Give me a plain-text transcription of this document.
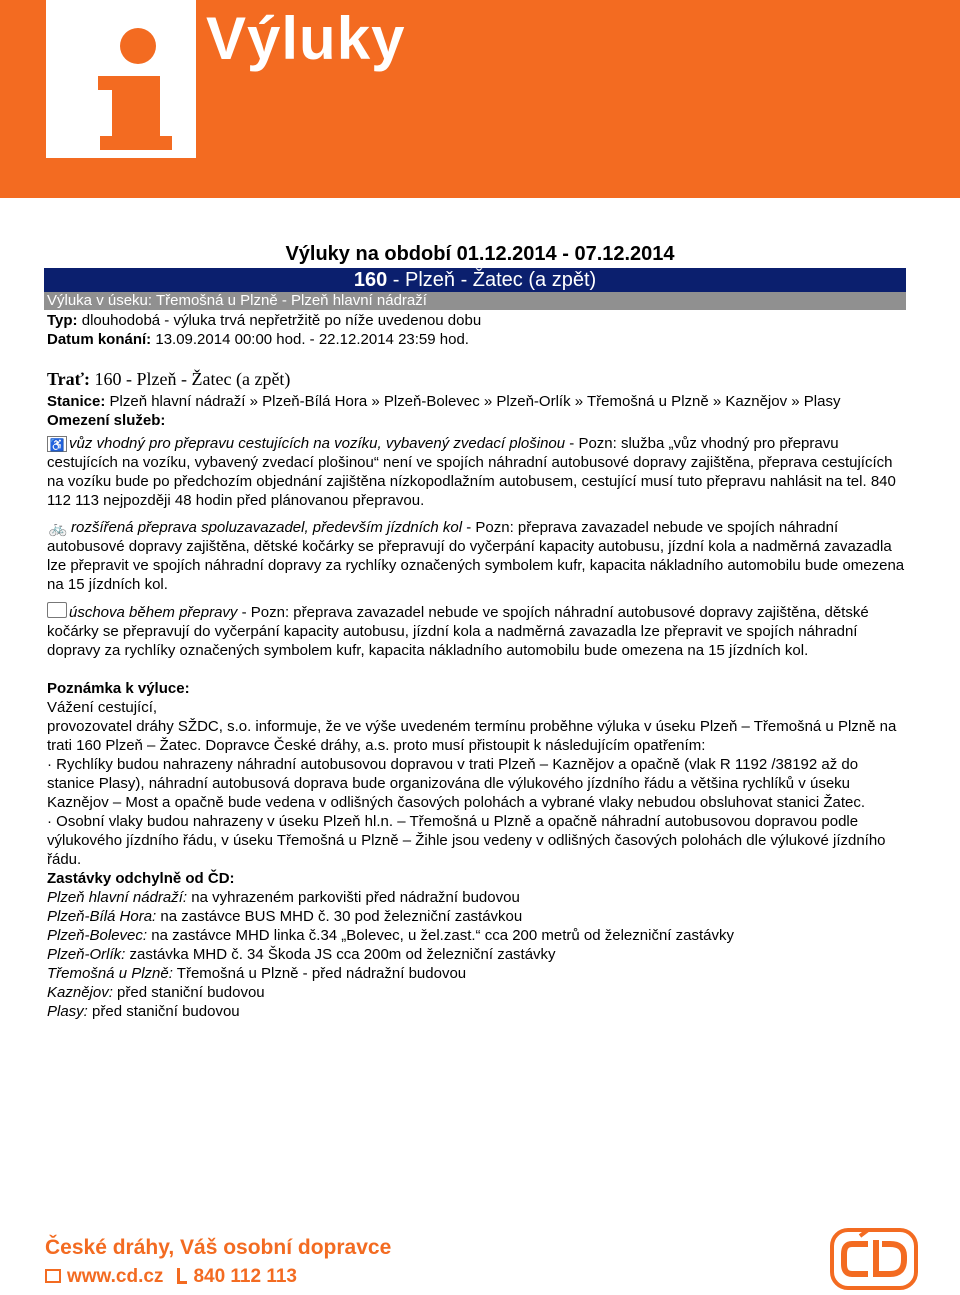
Výluky
Výluky na období 01.12.2014 - 07.12.2014
160 - Plzeň - Žatec (a zpět)
Výluka v úseku: Třemošná u Plzně - Plzeň hlavní nádraží
Typ: dlouhodobá - výluka trvá nepřetržitě po níže uvedenou dobu
Datum konání: 13.09.2014 00:00 hod. - 22.12.2014 23:59 hod.
Trať: 160 - Plzeň - Žatec (a zpět)
Stanice: Plzeň hlavní nádraží » Plzeň-Bílá Hora » Plzeň-Bolevec » Plzeň-Orlík » Třemošná u Plzně » Kaznějov » Plasy
Omezení služeb:

♿ vůz vhodný pro přepravu cestujících na vozíku, vybavený zvedací plošinou - Pozn: služba „vůz vhodný pro přepravu cestujících na vozíku, vybavený zvedací plošinou“ není ve spojích náhradní autobusové dopravy zajištěna, přeprava cestujících na vozíku bude po předchozím objednání zajištěna nízkopodlažním autobusem, cestující musí tuto přepravu nahlásit na tel. 840 112 113 nejpozději 48 hodin před plánovanou přepravou.

🚲 rozšířená přeprava spoluzavazadel, především jízdních kol - Pozn: přeprava zavazadel nebude ve spojích náhradní autobusové dopravy zajištěna, dětské kočárky se přepravují do vyčerpání kapacity autobusu, jízdní kola a nadměrná zavazadla lze přepravit ve spojích náhradní dopravy za rychlíky označených symbolem kufr, kapacita nákladního automobilu bude omezena na 15 jízdních kol.

úschova během přepravy - Pozn: přeprava zavazadel nebude ve spojích náhradní autobusové dopravy zajištěna, dětské kočárky se přepravují do vyčerpání kapacity autobusu, jízdní kola a nadměrná zavazadla lze přepravit ve spojích náhradní dopravy za rychlíky označených symbolem kufr, kapacita nákladního automobilu bude omezena na 15 jízdních kol.

Poznámka k výluce:

Vážení cestující,

provozovatel dráhy SŽDC, s.o. informuje, že ve výše uvedeném termínu proběhne výluka v úseku Plzeň – Třemošná u Plzně na trati 160 Plzeň – Žatec. Dopravce České dráhy, a.s. proto musí přistoupit k následujícím opatřením:

· Rychlíky budou nahrazeny náhradní autobusovou dopravou v trati Plzeň – Kaznějov a opačně (vlak R 1192 /38192 až do stanice Plasy), náhradní autobusová doprava bude organizována dle výlukového jízdního řádu a většina rychlíků v úseku Kaznějov – Most a opačně bude vedena v odlišných časových polohách a vybrané vlaky nebudou obsluhovat stanici Žatec.

· Osobní vlaky budou nahrazeny v úseku Plzeň hl.n. – Třemošná u Plzně a opačně náhradní autobusovou dopravou podle výlukového jízdního řádu, v úseku Třemošná u Plzně – Žihle jsou vedeny v odlišných časových polohách dle výlukové jízdního řádu.

Zastávky odchylně od ČD:

Plzeň hlavní nádraží: na vyhrazeném parkovišti před nádražní budovou

Plzeň-Bílá Hora: na zastávce BUS MHD č. 30 pod železniční zastávkou

Plzeň-Bolevec: na zastávce MHD linka č.34 „Bolevec, u žel.zast.“ cca 200 metrů od železniční zastávky

Plzeň-Orlík: zastávka MHD č. 34 Škoda JS cca 200m od železniční zastávky

Třemošná u Plzně: Třemošná u Plzně - před nádražní budovou

Kaznějov: před staniční budovou

Plasy: před staniční budovou

České dráhy, Váš osobní dopravce
www.cd.cz 840 112 113
